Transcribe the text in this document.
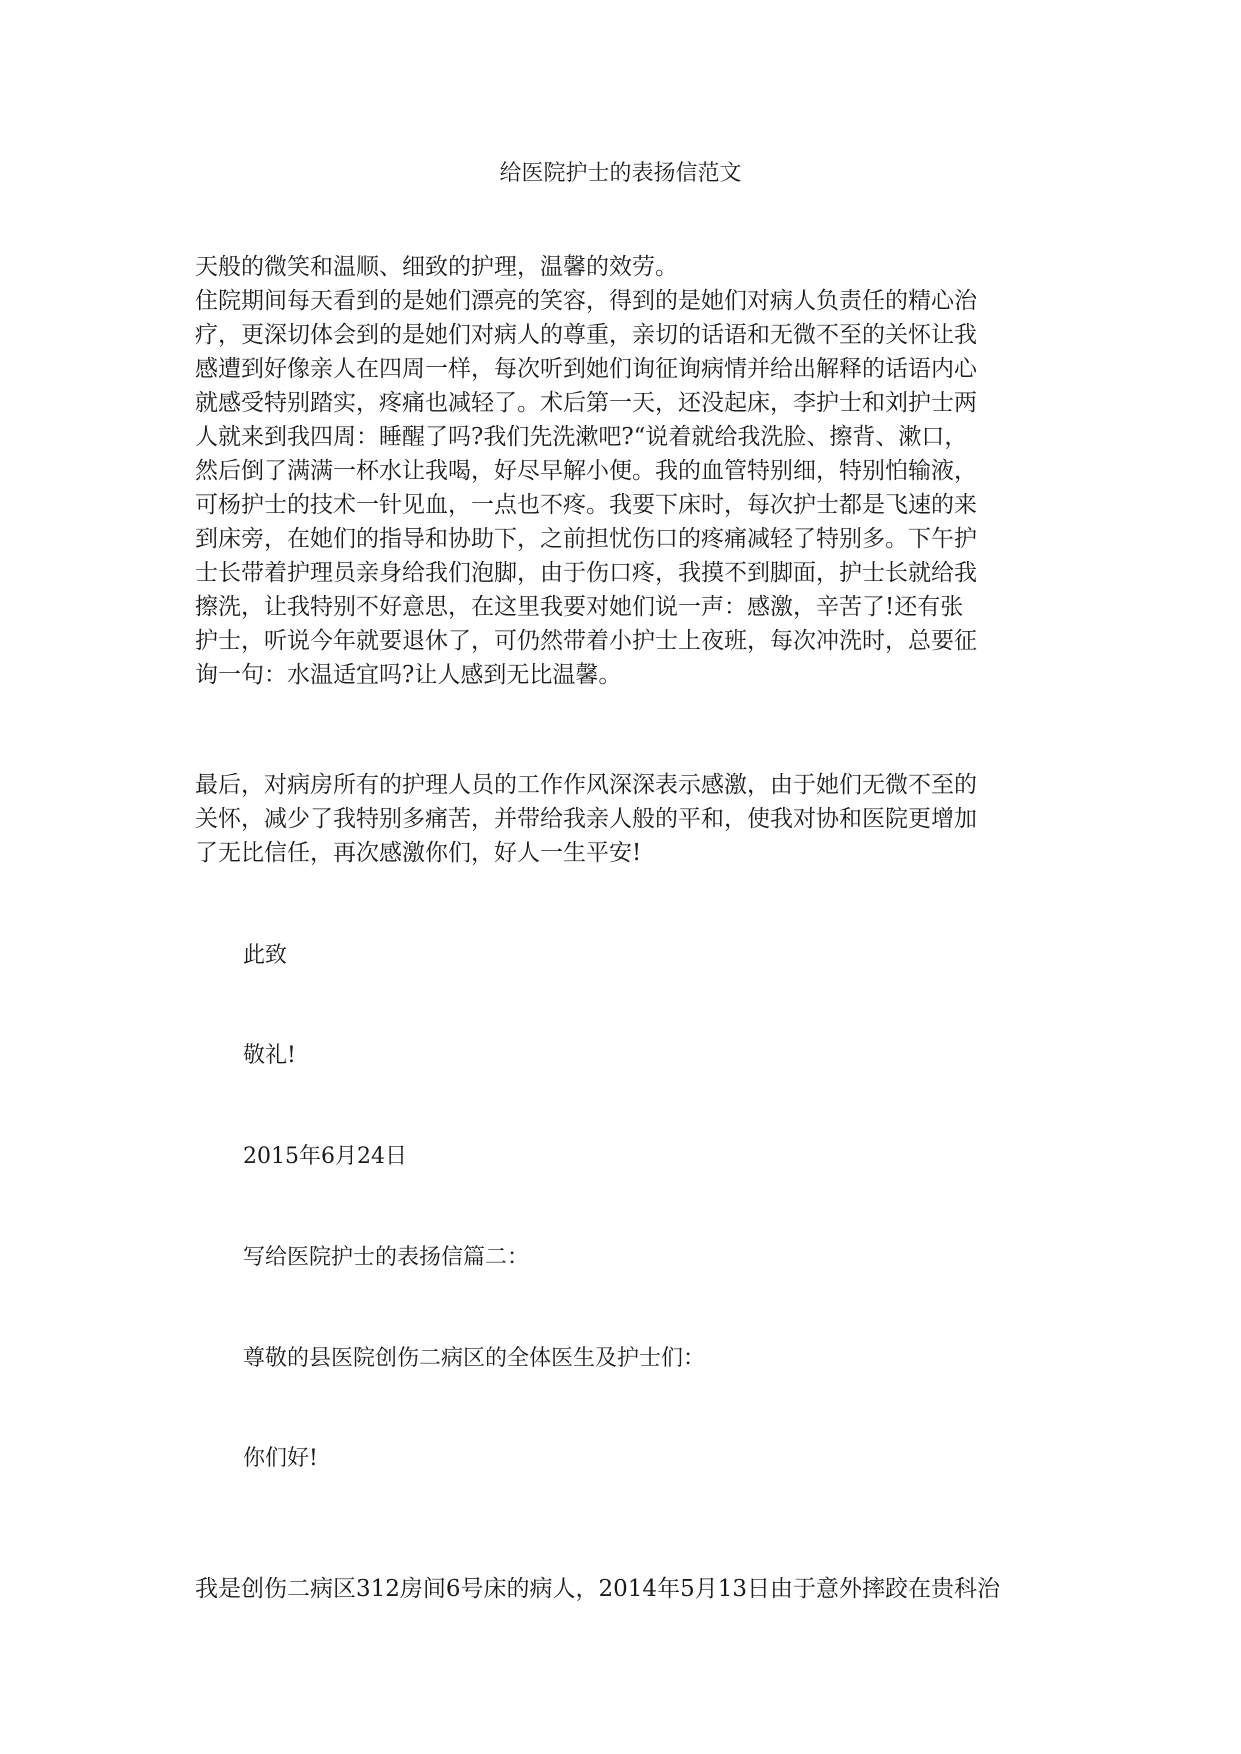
给医院护士的表扬信范文
天般的微笑和温顺、细致的护理，温馨的效劳。
住院期间每天看到的是她们漂亮的笑容，得到的是她们对病人负责任的精心治
疗，更深切体会到的是她们对病人的尊重，亲切的话语和无微不至的关怀让我
感遭到好像亲人在四周一样，每次听到她们询征询病情并给出解释的话语内心
就感受特别踏实，疼痛也减轻了。术后第一天，还没起床，李护士和刘护士两
人就来到我四周：睡醒了吗?我们先洗漱吧?“说着就给我洗脸、擦背、漱口，
然后倒了满满一杯水让我喝，好尽早解小便。我的血管特别细，特别怕输液，
可杨护士的技术一针见血，一点也不疼。我要下床时，每次护士都是飞速的来
到床旁，在她们的指导和协助下，之前担忧伤口的疼痛减轻了特别多。下午护
士长带着护理员亲身给我们泡脚，由于伤口疼，我摸不到脚面，护士长就给我
擦洗，让我特别不好意思，在这里我要对她们说一声：感激，辛苦了!还有张
护士，听说今年就要退休了，可仍然带着小护士上夜班，每次冲洗时，总要征
询一句：水温适宜吗?让人感到无比温馨。
最后，对病房所有的护理人员的工作作风深深表示感激，由于她们无微不至的
关怀，减少了我特别多痛苦，并带给我亲人般的平和，使我对协和医院更增加
了无比信任，再次感激你们，好人一生平安!
此致
敬礼!
2015年6月24日
写给医院护士的表扬信篇二：
尊敬的县医院创伤二病区的全体医生及护士们：
你们好!
我是创伤二病区312房间6号床的病人，2014年5月13日由于意外摔跤在贵科治
